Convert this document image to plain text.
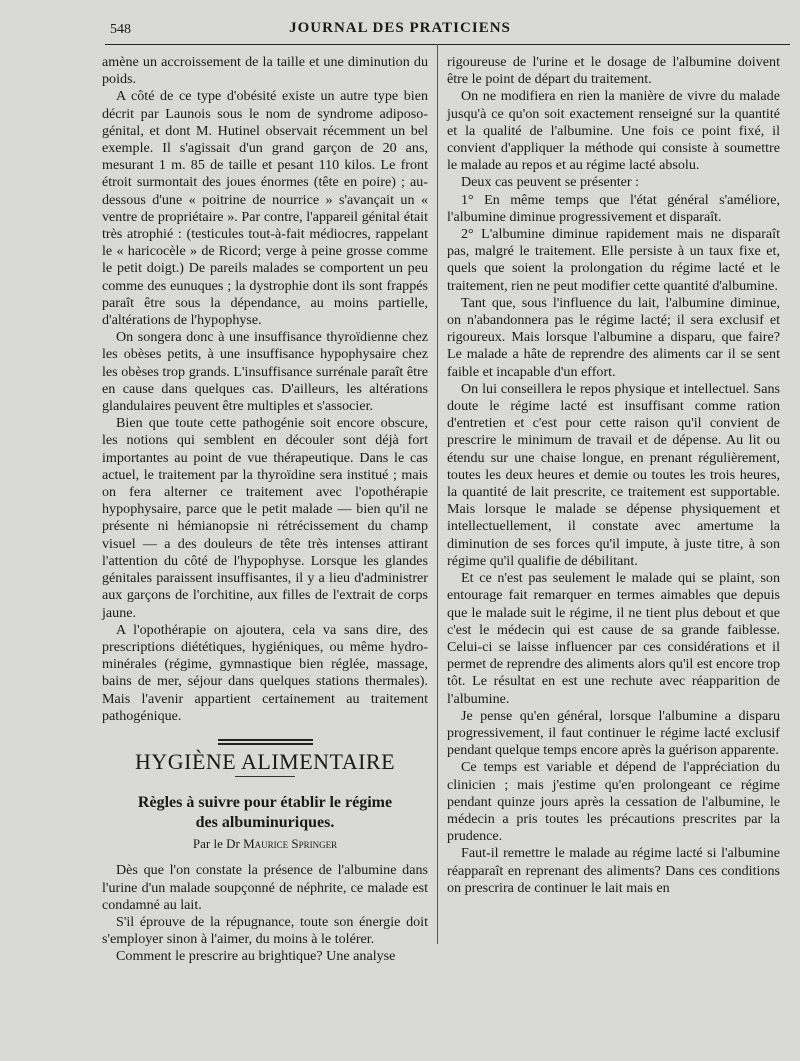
548	JOURNAL DES PRATICIENS

amène un accroissement de la taille et une diminution du poids.

A côté de ce type d'obésité existe un autre type bien décrit par Launois sous le nom de syndrome adiposo-génital, et dont M. Hutinel observait récemment un bel exemple. Il s'agissait d'un grand garçon de 20 ans, mesurant 1 m. 85 de taille et pesant 110 kilos. Le front étroit surmontait des joues énormes (tête en poire) ; au-dessous d'une « poitrine de nourrice » s'avançait un « ventre de propriétaire ». Par contre, l'appareil génital était très atrophié : (testicules tout-à-fait médiocres, rappelant le « haricocèle » de Ricord; verge à peine grosse comme le petit doigt.) De pareils malades se comportent un peu comme des eunuques ; la dystrophie dont ils sont frappés paraît être sous la dépendance, au moins partielle, d'altérations de l'hypophyse.

On songera donc à une insuffisance thyroïdienne chez les obèses petits, à une insuffisance hypophysaire chez les obèses trop grands. L'insuffisance surrénale paraît être en cause dans quelques cas. D'ailleurs, les altérations glandulaires peuvent être multiples et s'associer.

Bien que toute cette pathogénie soit encore obscure, les notions qui semblent en découler sont déjà fort importantes au point de vue thérapeutique. Dans le cas actuel, le traitement par la thyroïdine sera institué ; mais on fera alterner ce traitement avec l'opothérapie hypophysaire, parce que le petit malade — bien qu'il ne présente ni hémianopsie ni rétrécissement du champ visuel — a des douleurs de tête très intenses attirant l'attention du côté de l'hypophyse. Lorsque les glandes génitales paraissent insuffisantes, il y a lieu d'administrer aux garçons de l'orchitine, aux filles de l'extrait de corps jaune.

A l'opothérapie on ajoutera, cela va sans dire, des prescriptions diététiques, hygiéniques, ou même hydro-minérales (régime, gymnastique bien réglée, massage, bains de mer, séjour dans quelques stations thermales). Mais l'avenir appartient certainement au traitement pathogénique.

HYGIÈNE ALIMENTAIRE
Règles à suivre pour établir le régime
des albuminuriques.
Par le Dr Maurice Springer

Dès que l'on constate la présence de l'albumine dans l'urine d'un malade soupçonné de néphrite, ce malade est condamné au lait.

S'il éprouve de la répugnance, toute son énergie doit s'employer sinon à l'aimer, du moins à le tolérer.

Comment le prescrire au brightique? Une analyse

rigoureuse de l'urine et le dosage de l'albumine doivent être le point de départ du traitement.

On ne modifiera en rien la manière de vivre du malade jusqu'à ce qu'on soit exactement renseigné sur la quantité et la qualité de l'albumine. Une fois ce point fixé, il convient d'appliquer la méthode qui consiste à soumettre le malade au repos et au régime lacté absolu.

Deux cas peuvent se présenter :

1° En même temps que l'état général s'améliore, l'albumine diminue progressivement et disparaît.

2° L'albumine diminue rapidement mais ne disparaît pas, malgré le traitement. Elle persiste à un taux fixe et, quels que soient la prolongation du régime lacté et le traitement, rien ne peut modifier cette quantité d'albumine.

Tant que, sous l'influence du lait, l'albumine diminue, on n'abandonnera pas le régime lacté; il sera exclusif et rigoureux. Mais lorsque l'albumine a disparu, que faire? Le malade a hâte de reprendre des aliments car il se sent faible et incapable d'un effort.

On lui conseillera le repos physique et intellectuel. Sans doute le régime lacté est insuffisant comme ration d'entretien et c'est pour cette raison qu'il convient de prescrire le minimum de travail et de dépense. Au lit ou étendu sur une chaise longue, en prenant régulièrement, toutes les deux heures et demie ou toutes les trois heures, la quantité de lait prescrite, ce traitement est supportable. Mais lorsque le malade se dépense physiquement et intellectuellement, il constate avec amertume la diminution de ses forces qu'il impute, à juste titre, à son régime qu'il qualifie de débilitant.

Et ce n'est pas seulement le malade qui se plaint, son entourage fait remarquer en termes aimables que depuis que le malade suit le régime, il ne tient plus debout et que c'est le médecin qui est cause de sa grande faiblesse. Celui-ci se laisse influencer par ces considérations et il permet de reprendre des aliments alors qu'il est encore trop tôt. Le résultat en est une rechute avec réapparition de l'albumine.

Je pense qu'en général, lorsque l'albumine a disparu progressivement, il faut continuer le régime lacté exclusif pendant quelque temps encore après la guérison apparente.

Ce temps est variable et dépend de l'appréciation du clinicien ; mais j'estime qu'en prolongeant ce régime pendant quinze jours après la cessation de l'albumine, le médecin a pris toutes les précautions prescrites par la prudence.

Faut-il remettre le malade au régime lacté si l'albumine réapparaît en reprenant des aliments? Dans ces conditions on prescrira de continuer le lait mais en
